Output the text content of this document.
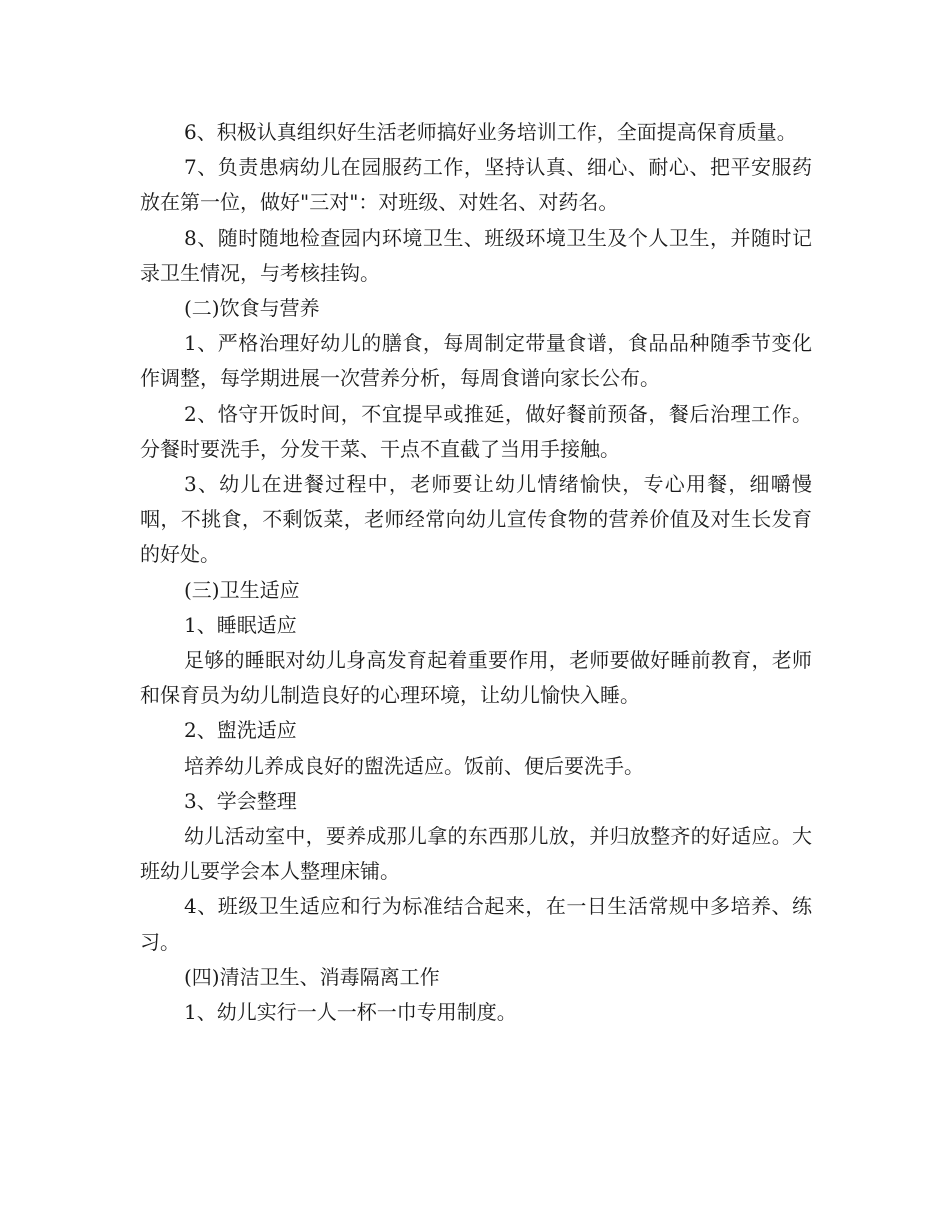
6、积极认真组织好生活老师搞好业务培训工作，全面提高保育质量。

7、负责患病幼儿在园服药工作，坚持认真、细心、耐心、把平安服药放在第一位，做好"三对"：对班级、对姓名、对药名。

8、随时随地检查园内环境卫生、班级环境卫生及个人卫生，并随时记录卫生情况，与考核挂钩。

(二)饮食与营养

1、严格治理好幼儿的膳食，每周制定带量食谱，食品品种随季节变化作调整，每学期进展一次营养分析，每周食谱向家长公布。

2、恪守开饭时间，不宜提早或推延，做好餐前预备，餐后治理工作。分餐时要洗手，分发干菜、干点不直截了当用手接触。

3、幼儿在进餐过程中，老师要让幼儿情绪愉快，专心用餐，细嚼慢咽，不挑食，不剩饭菜，老师经常向幼儿宣传食物的营养价值及对生长发育的好处。

(三)卫生适应

1、睡眠适应

足够的睡眠对幼儿身高发育起着重要作用，老师要做好睡前教育，老师和保育员为幼儿制造良好的心理环境，让幼儿愉快入睡。

2、盥洗适应

培养幼儿养成良好的盥洗适应。饭前、便后要洗手。

3、学会整理

幼儿活动室中，要养成那儿拿的东西那儿放，并归放整齐的好适应。大班幼儿要学会本人整理床铺。

4、班级卫生适应和行为标准结合起来，在一日生活常规中多培养、练习。

(四)清洁卫生、消毒隔离工作

1、幼儿实行一人一杯一巾专用制度。
